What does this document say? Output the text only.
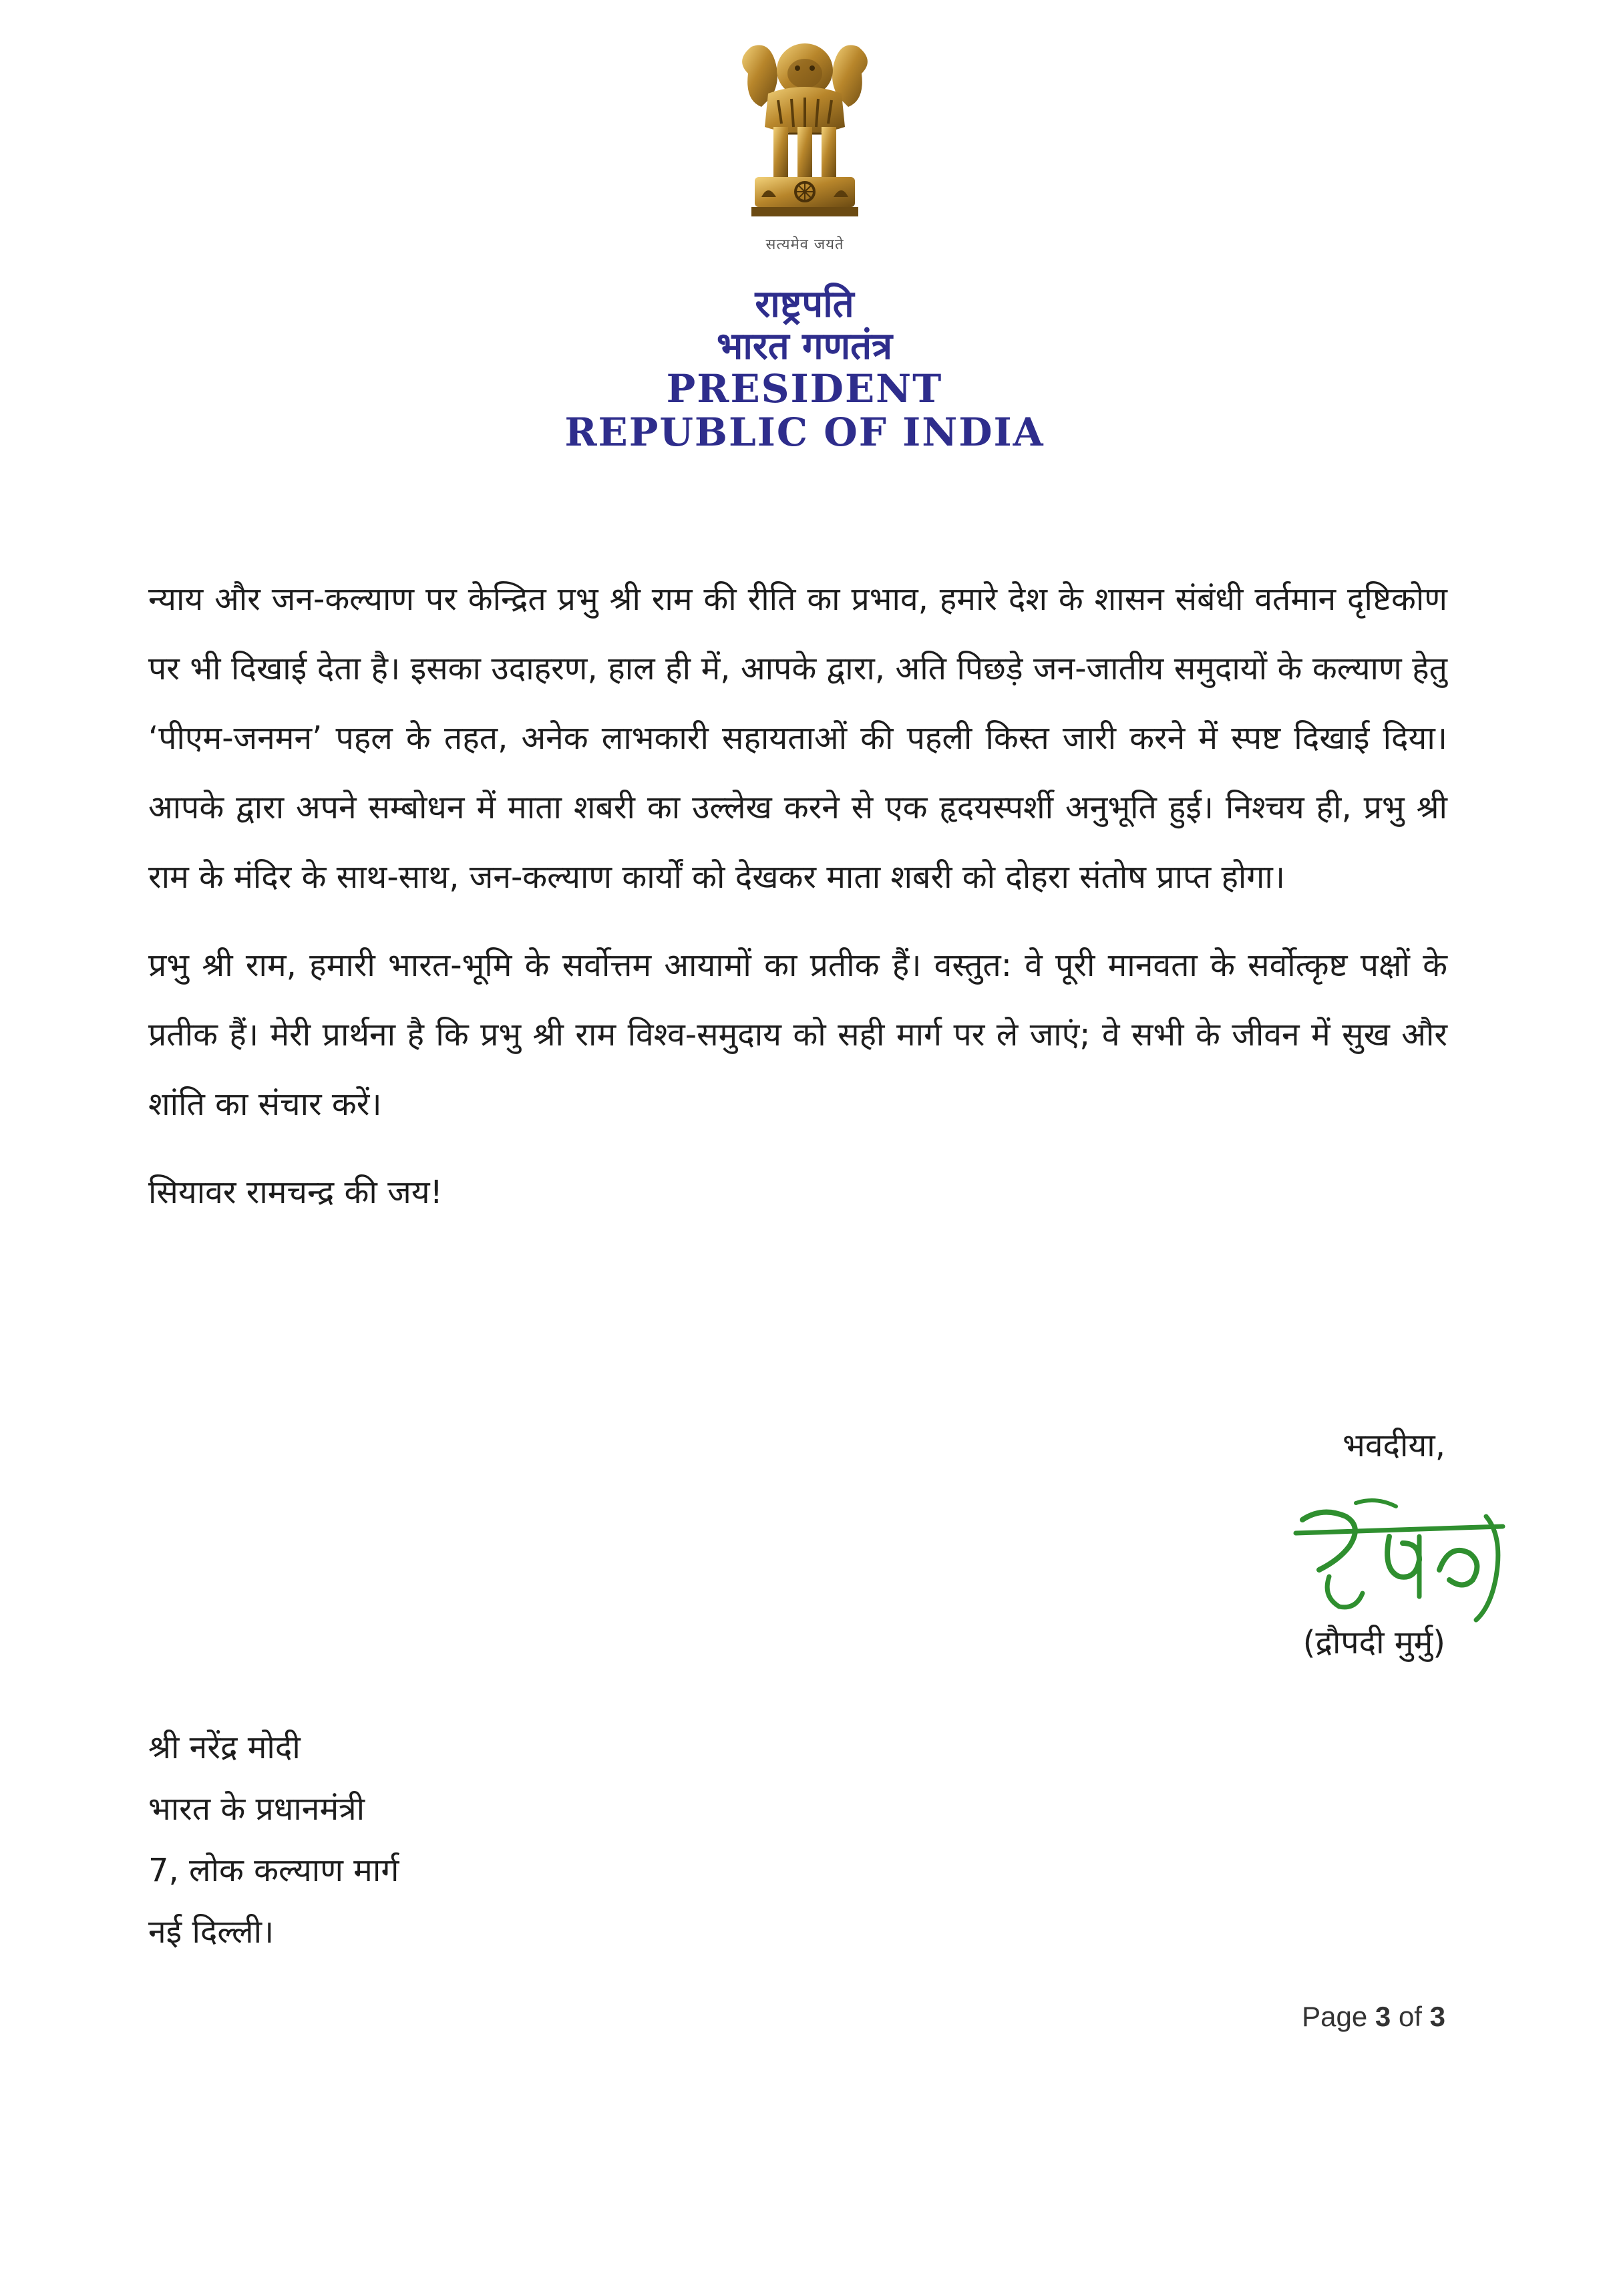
सत्यमेव जयते
राष्ट्रपति
भारत गणतंत्र
PRESIDENT
REPUBLIC OF INDIA

न्याय और जन-कल्याण पर केन्द्रित प्रभु श्री राम की रीति का प्रभाव, हमारे देश के शासन संबंधी वर्तमान दृष्टिकोण पर भी दिखाई देता है। इसका उदाहरण, हाल ही में, आपके द्वारा, अति पिछड़े जन-जातीय समुदायों के कल्याण हेतु ‘पीएम-जनमन’ पहल के तहत, अनेक लाभकारी सहायताओं की पहली किस्त जारी करने में स्पष्ट दिखाई दिया। आपके द्वारा अपने सम्बोधन में माता शबरी का उल्लेख करने से एक हृदयस्पर्शी अनुभूति हुई। निश्चय ही, प्रभु श्री राम के मंदिर के साथ-साथ, जन-कल्याण कार्यों को देखकर माता शबरी को दोहरा संतोष प्राप्त होगा।

प्रभु श्री राम, हमारी भारत-भूमि के सर्वोत्तम आयामों का प्रतीक हैं। वस्तुत: वे पूरी मानवता के सर्वोत्कृष्ट पक्षों के प्रतीक हैं। मेरी प्रार्थना है कि प्रभु श्री राम विश्व-समुदाय को सही मार्ग पर ले जाएं; वे सभी के जीवन में सुख और शांति का संचार करें।

सियावर रामचन्द्र की जय!

भवदीया,
(द्रौपदी मुर्मु)
श्री नरेंद्र मोदी
भारत के प्रधानमंत्री
7, लोक कल्याण मार्ग
नई दिल्ली।
Page 3 of 3
